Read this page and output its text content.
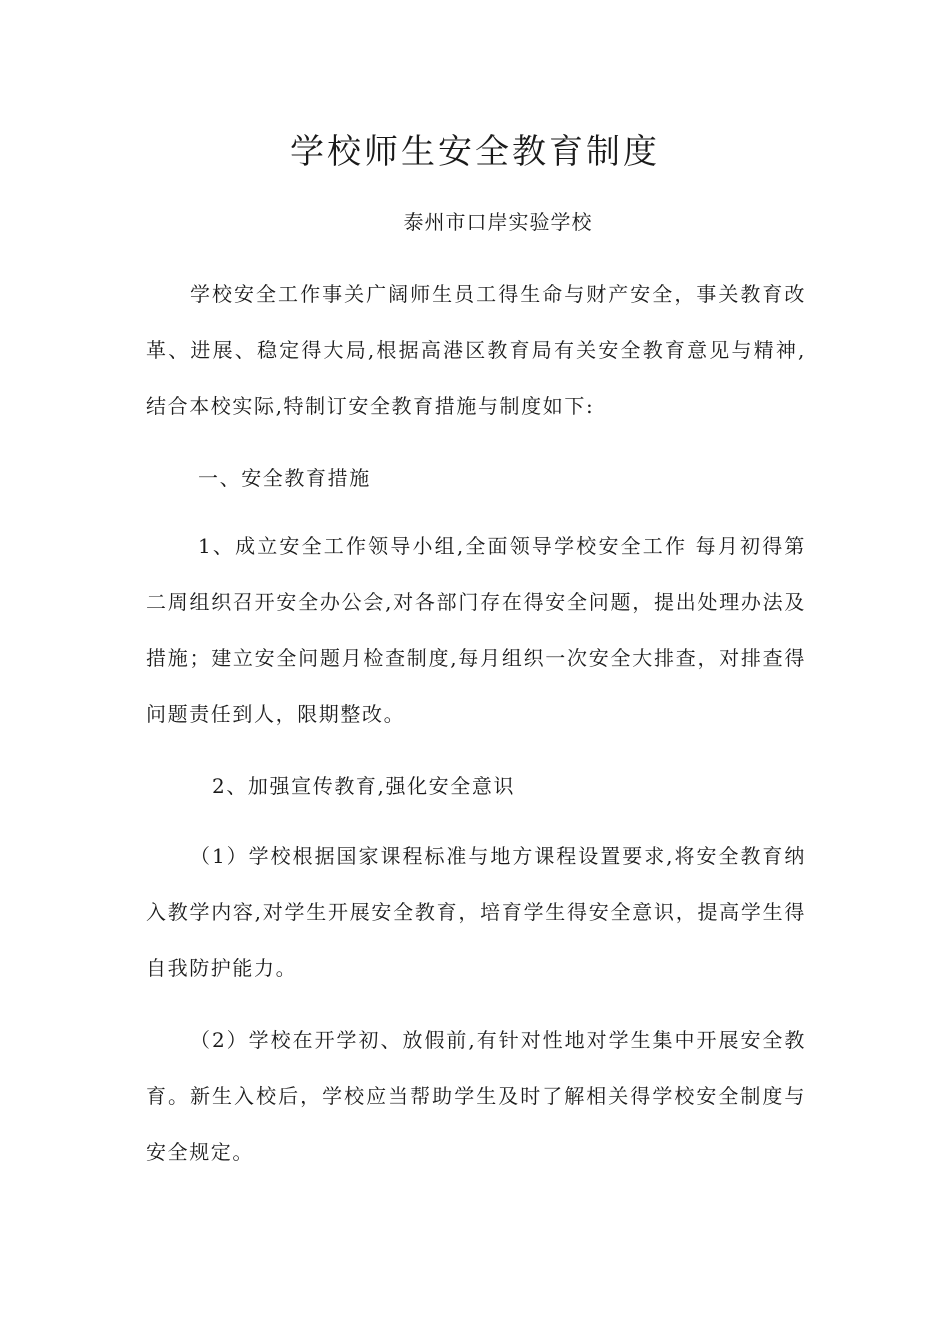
学校师生安全教育制度
泰州市口岸实验学校

学校安全工作事关广阔师生员工得生命与财产安全，事关教育改革、进展、稳定得大局,根据高港区教育局有关安全教育意见与精神,结合本校实际,特制订安全教育措施与制度如下:

一、安全教育措施

1、成立安全工作领导小组,全面领导学校安全工作 每月初得第二周组织召开安全办公会,对各部门存在得安全问题，提出处理办法及措施；建立安全问题月检查制度,每月组织一次安全大排查，对排查得问题责任到人，限期整改。

2、加强宣传教育,强化安全意识

（1）学校根据国家课程标准与地方课程设置要求,将安全教育纳入教学内容,对学生开展安全教育，培育学生得安全意识，提高学生得自我防护能力。

（2）学校在开学初、放假前,有针对性地对学生集中开展安全教育。新生入校后，学校应当帮助学生及时了解相关得学校安全制度与安全规定。
